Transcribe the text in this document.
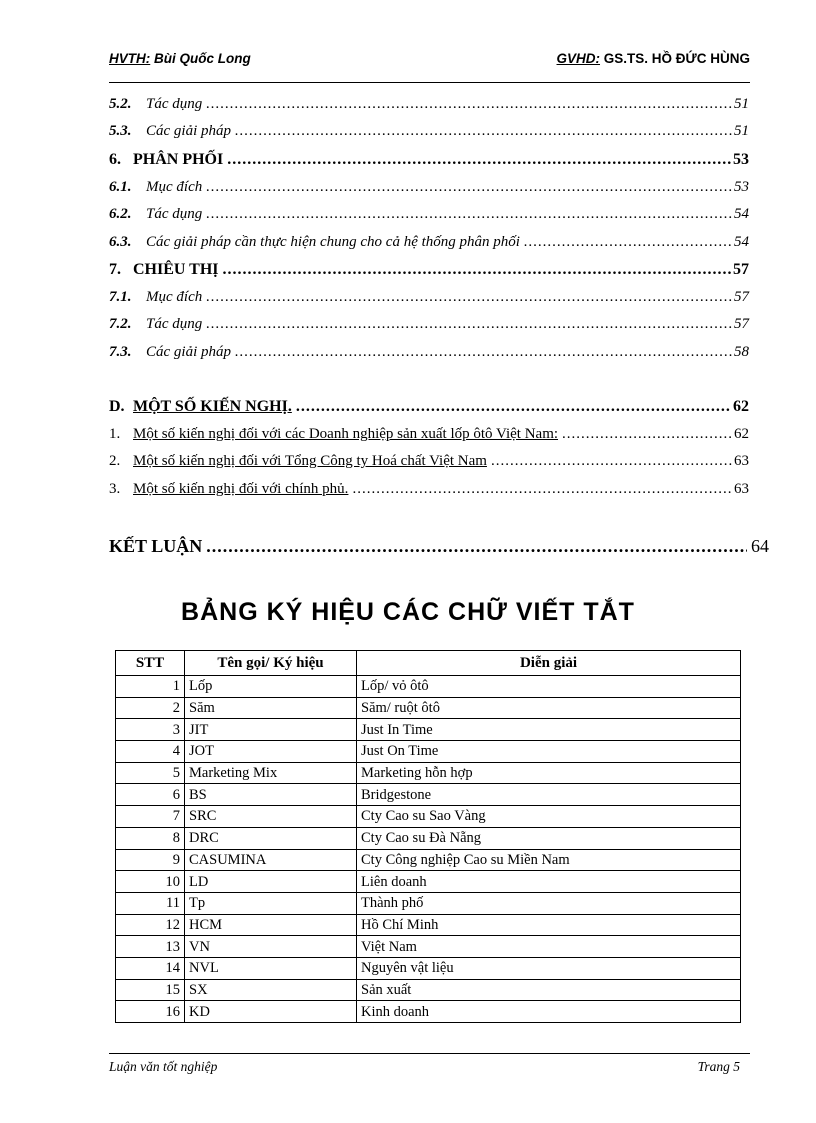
HVTH: Bùi Quốc Long	GVHD: GS.TS. HỒ ĐỨC HÙNG
5.2. Tác dụng .....	51
5.3. Các giải pháp .....	51
6. PHÂN PHỐI .....	53
6.1. Mục đích .....	53
6.2. Tác dụng .....	54
6.3. Các giải pháp cần thực hiện chung cho cả hệ thống phân phối .....	54
7. CHIÊU THỊ .....	57
7.1. Mục đích .....	57
7.2. Tác dụng .....	57
7.3. Các giải pháp .....	58
D. MỘT SỐ KIẾN NGHỊ. .....	62
1. Một số kiến nghị đối với các Doanh nghiệp sản xuất lốp ôtô Việt Nam: .....	62
2. Một số kiến nghị đối với Tổng Công ty Hoá chất Việt Nam .....	63
3. Một số kiến nghị đối với chính phủ. .....	63
KẾT LUẬN .....	64
BẢNG KÝ HIỆU CÁC CHỮ VIẾT TẮT
STT	Tên gọi/ Ký hiệu	Diễn giải
1	Lốp	Lốp/ vỏ ôtô
2	Săm	Săm/ ruột ôtô
3	JIT	Just In Time
4	JOT	Just On Time
5	Marketing Mix	Marketing hỗn hợp
6	BS	Bridgestone
7	SRC	Cty Cao su Sao Vàng
8	DRC	Cty Cao su Đà Nẵng
9	CASUMINA	Cty Công nghiệp Cao su Miền Nam
10	LD	Liên doanh
11	Tp	Thành phố
12	HCM	Hồ Chí Minh
13	VN	Việt Nam
14	NVL	Nguyên vật liệu
15	SX	Sản xuất
16	KD	Kinh doanh
Luận văn tốt nghiệp	Trang 5
